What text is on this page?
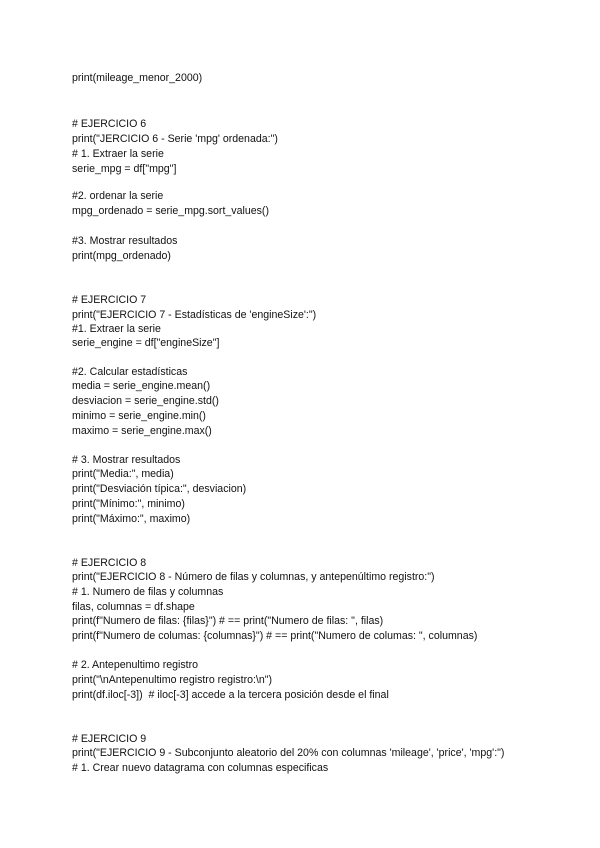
print(mileage_menor_2000)

# EJERCICIO 6

print("JERCICIO 6 - Serie 'mpg' ordenada:")

# 1. Extraer la serie

serie_mpg = df["mpg"]

#2. ordenar la serie

mpg_ordenado = serie_mpg.sort_values()

#3. Mostrar resultados

print(mpg_ordenado)

# EJERCICIO 7

print("EJERCICIO 7 - Estadísticas de 'engineSize':")

#1. Extraer la serie

serie_engine = df["engineSize"]

#2. Calcular estadísticas

media = serie_engine.mean()

desviacion = serie_engine.std()

minimo = serie_engine.min()

maximo = serie_engine.max()

# 3. Mostrar resultados

print("Media:", media)

print("Desviación típica:", desviacion)

print("Mínimo:", minimo)

print("Máximo:", maximo)

# EJERCICIO 8

print("EJERCICIO 8 - Número de filas y columnas, y antepenúltimo registro:")

# 1. Numero de filas y columnas

filas, columnas = df.shape

print(f"Numero de filas: {filas}") # == print("Numero de filas: ", filas)

print(f"Numero de columas: {columnas}") # == print("Numero de columas: ", columnas)

# 2. Antepenultimo registro

print("\nAntepenultimo registro registro:\n")

print(df.iloc[-3])  # iloc[-3] accede a la tercera posición desde el final

# EJERCICIO 9

print("EJERCICIO 9 - Subconjunto aleatorio del 20% con columnas 'mileage', 'price', 'mpg':")

# 1. Crear nuevo datagrama con columnas especificas
